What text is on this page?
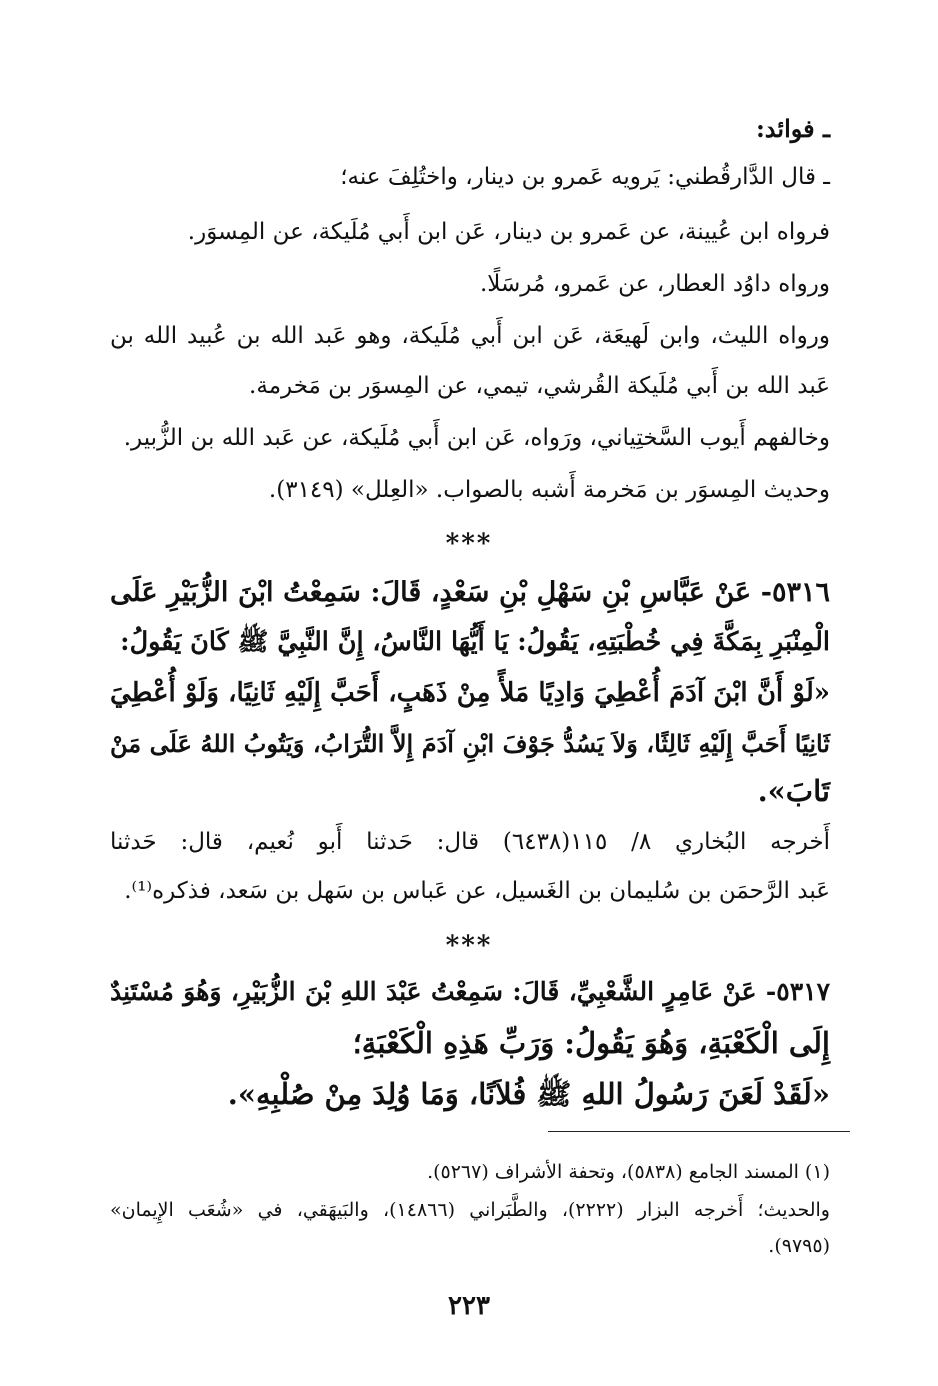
ـ فوائد:
ـ قال الدَّارقُطني: يَرويه عَمرو بن دينار، واختُلِفَ عنه؛
فرواه ابن عُيينة، عن عَمرو بن دينار، عَن ابن أَبي مُلَيكة، عن المِسوَر.
ورواه داوُد العطار، عن عَمرو، مُرسَلًا.
ورواه الليث، وابن لَهيعَة، عَن ابن أَبي مُلَيكة، وهو عَبد الله بن عُبيد الله بن
عَبد الله بن أَبي مُلَيكة القُرشي، تيمي، عن المِسوَر بن مَخرمة.
وخالفهم أَيوب السَّختِياني، ورَواه، عَن ابن أَبي مُلَيكة، عن عَبد الله بن الزُّبير.
وحديث المِسوَر بن مَخرمة أَشبه بالصواب. «العِلل» (٣١٤٩).
***
٥٣١٦- عَنْ عَبَّاسِ بْنِ سَهْلِ بْنِ سَعْدٍ، قَالَ: سَمِعْتُ ابْنَ الزُّبَيْرِ عَلَى
الْمِنْبَرِ بِمَكَّةَ فِي خُطْبَتِهِ، يَقُولُ: يَا أَيُّهَا النَّاسُ، إِنَّ النَّبِيَّ ﷺ كَانَ يَقُولُ:
«لَوْ أَنَّ ابْنَ آدَمَ أُعْطِيَ وَادِيًا مَلأً مِنْ ذَهَبٍ، أَحَبَّ إِلَيْهِ ثَانِيًا، وَلَوْ أُعْطِيَ
ثَانِيًا أَحَبَّ إِلَيْهِ ثَالِثًا، وَلاَ يَسُدُّ جَوْفَ ابْنِ آدَمَ إِلاَّ التُّرَابُ، وَيَتُوبُ اللهُ عَلَى مَنْ
تَابَ».
أَخرجه البُخاري ٨/ ١١٥(٦٤٣٨) قال: حَدثنا أَبو نُعيم، قال: حَدثنا
عَبد الرَّحمَن بن سُليمان بن الغَسيل، عن عَباس بن سَهل بن سَعد، فذكره⁽¹⁾.
***
٥٣١٧- عَنْ عَامِرٍ الشَّعْبِيِّ، قَالَ: سَمِعْتُ عَبْدَ اللهِ بْنَ الزُّبَيْرِ، وَهُوَ مُسْتَنِدٌ
إِلَى الْكَعْبَةِ، وَهُوَ يَقُولُ: وَرَبِّ هَذِهِ الْكَعْبَةِ؛
«لَقَدْ لَعَنَ رَسُولُ اللهِ ﷺ فُلاَنًا، وَمَا وُلِدَ مِنْ صُلْبِهِ».
(١) المسند الجامع (٥٨٣٨)، وتحفة الأشراف (٥٢٦٧).
والحديث؛ أَخرجه البزار (٢٢٢٢)، والطَّبَراني (١٤٨٦٦)، والبَيهَقي، في «شُعَب الإِيمان»
(٩٧٩٥).
٢٢٣
